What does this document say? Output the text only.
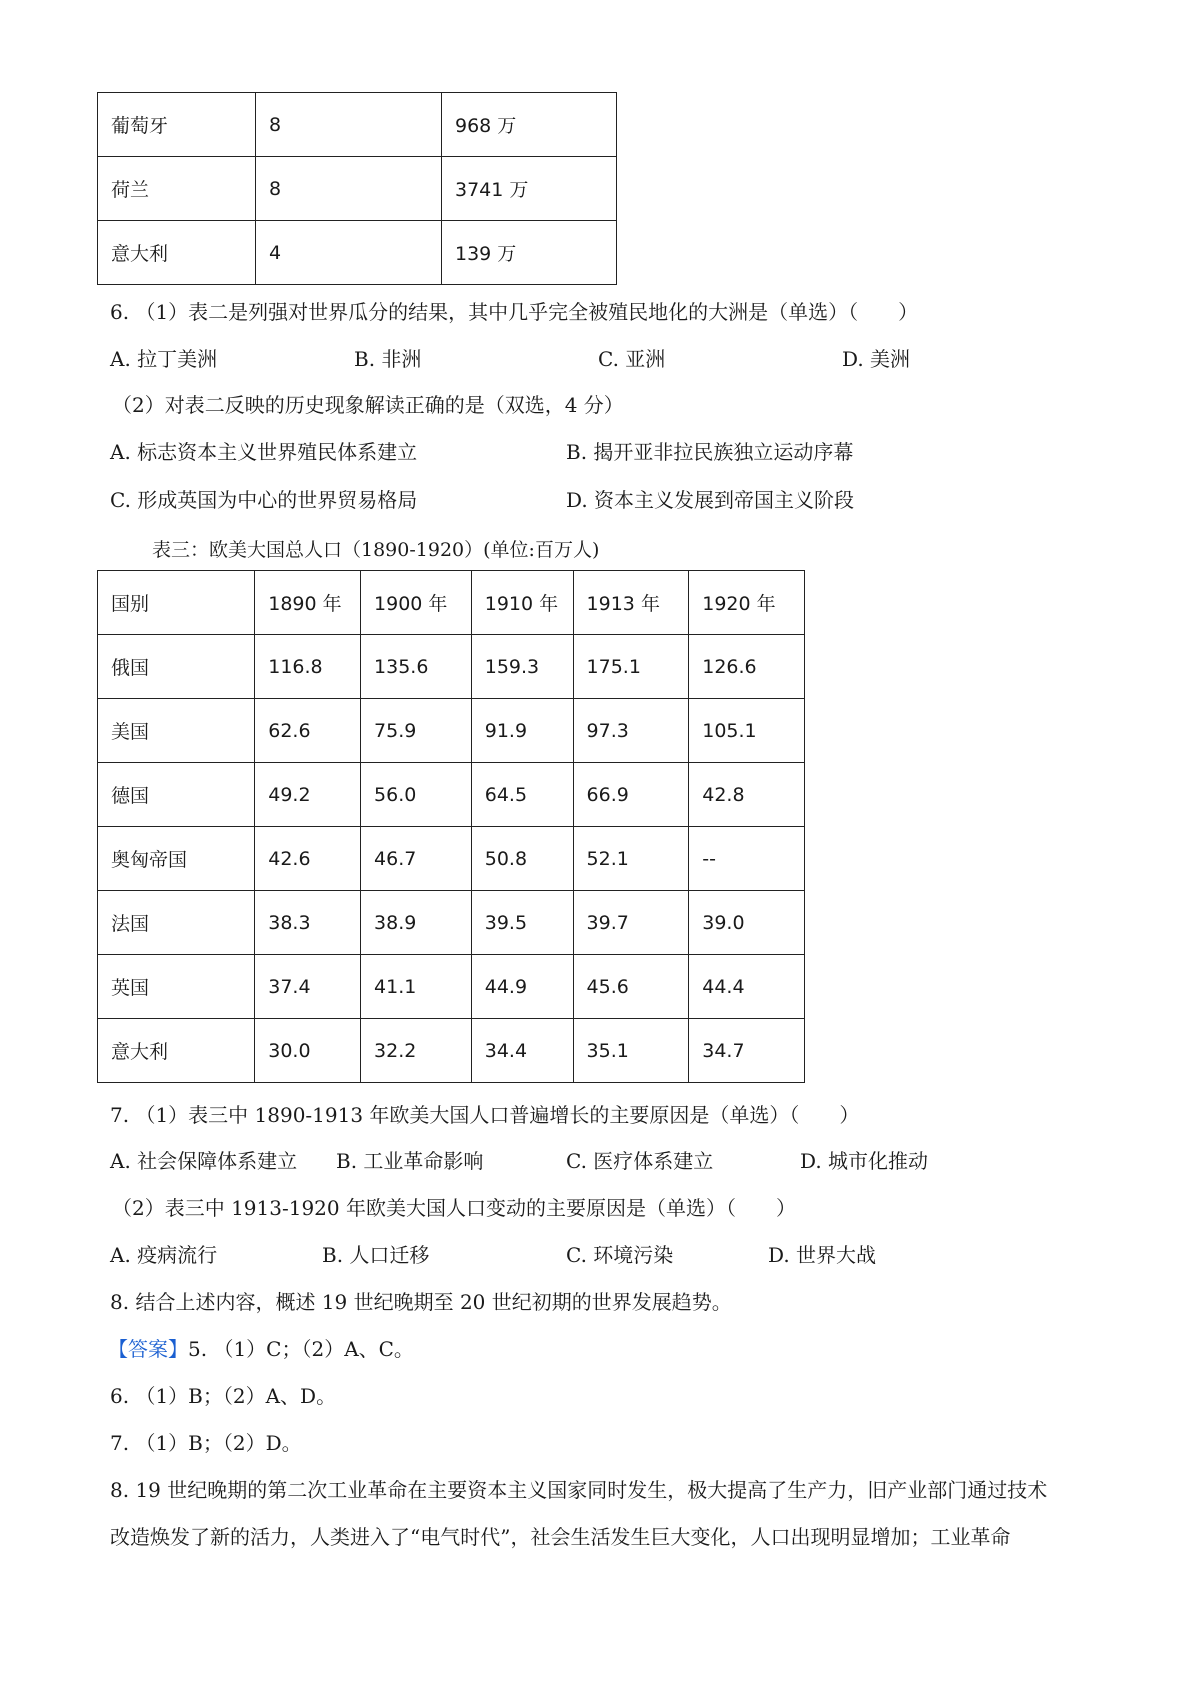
葡萄牙	8	968 万
荷兰	8	3741 万
意大利	4	139 万
6. （1）表二是列强对世界瓜分的结果，其中几乎完全被殖民地化的大洲是（单选）（　　）
A. 拉丁美洲	B. 非洲	C. 亚洲	D. 美洲
（2）对表二反映的历史现象解读正确的是（双选，4 分）
A. 标志资本主义世界殖民体系建立	B. 揭开亚非拉民族独立运动序幕
C. 形成英国为中心的世界贸易格局	D. 资本主义发展到帝国主义阶段
表三：欧美大国总人口（1890-1920）(单位:百万人)
国别	1890 年	1900 年	1910 年	1913 年	1920 年
俄国	116.8	135.6	159.3	175.1	126.6
美国	62.6	75.9	91.9	97.3	105.1
德国	49.2	56.0	64.5	66.9	42.8
奥匈帝国	42.6	46.7	50.8	52.1	--
法国	38.3	38.9	39.5	39.7	39.0
英国	37.4	41.1	44.9	45.6	44.4
意大利	30.0	32.2	34.4	35.1	34.7
7. （1）表三中 1890-1913 年欧美大国人口普遍增长的主要原因是（单选）（　　）
A. 社会保障体系建立 B. 工业革命影响	C. 医疗体系建立	D. 城市化推动
（2）表三中 1913-1920 年欧美大国人口变动的主要原因是（单选）（　　）
A. 疫病流行	B. 人口迁移	C. 环境污染	D. 世界大战
8. 结合上述内容，概述 19 世纪晚期至 20 世纪初期的世界发展趋势。
【答案】5. （1）C；（2）A、C。
6. （1）B；（2）A、D。
7. （1）B；（2）D。
8. 19 世纪晚期的第二次工业革命在主要资本主义国家同时发生，极大提高了生产力，旧产业部门通过技术
改造焕发了新的活力，人类进入了“电气时代”，社会生活发生巨大变化，人口出现明显增加；工业革命
